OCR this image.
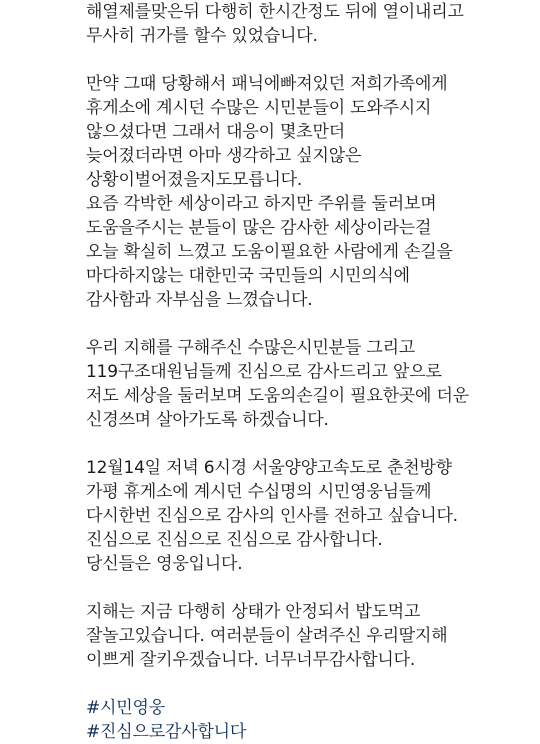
해열제를맞은뒤 다행히 한시간정도 뒤에 열이내리고
무사히 귀가를 할수 있었습니다.
만약 그때 당황해서 패닉에빠져있던 저희가족에게
휴게소에 계시던 수많은 시민분들이 도와주시지
않으셨다면 그래서 대응이 몇초만더
늦어졌더라면 아마 생각하고 싶지않은
상황이벌어졌을지도모릅니다.
요즘 각박한 세상이라고 하지만 주위를 둘러보며
도움을주시는 분들이 많은 감사한 세상이라는걸
오늘 확실히 느꼈고 도움이필요한 사람에게 손길을
마다하지않는 대한민국 국민들의 시민의식에
감사함과 자부심을 느꼈습니다.
우리 지해를 구해주신 수많은시민분들 그리고
119구조대원님들께 진심으로 감사드리고 앞으로
저도 세상을 둘러보며 도움의손길이 필요한곳에 더운
신경쓰며 살아가도록 하겠습니다.
12월14일 저녁 6시경 서울양양고속도로 춘천방향
가평 휴게소에 계시던 수십명의 시민영웅님들께
다시한번 진심으로 감사의 인사를 전하고 싶습니다.
진심으로 진심으로 진심으로 감사합니다.
당신들은 영웅입니다.
지해는 지금 다행히 상태가 안정되서 밥도먹고
잘놀고있습니다. 여러분들이 살려주신 우리딸지해
이쁘게 잘키우겠습니다. 너무너무감사합니다.
#시민영웅
#진심으로감사합니다
